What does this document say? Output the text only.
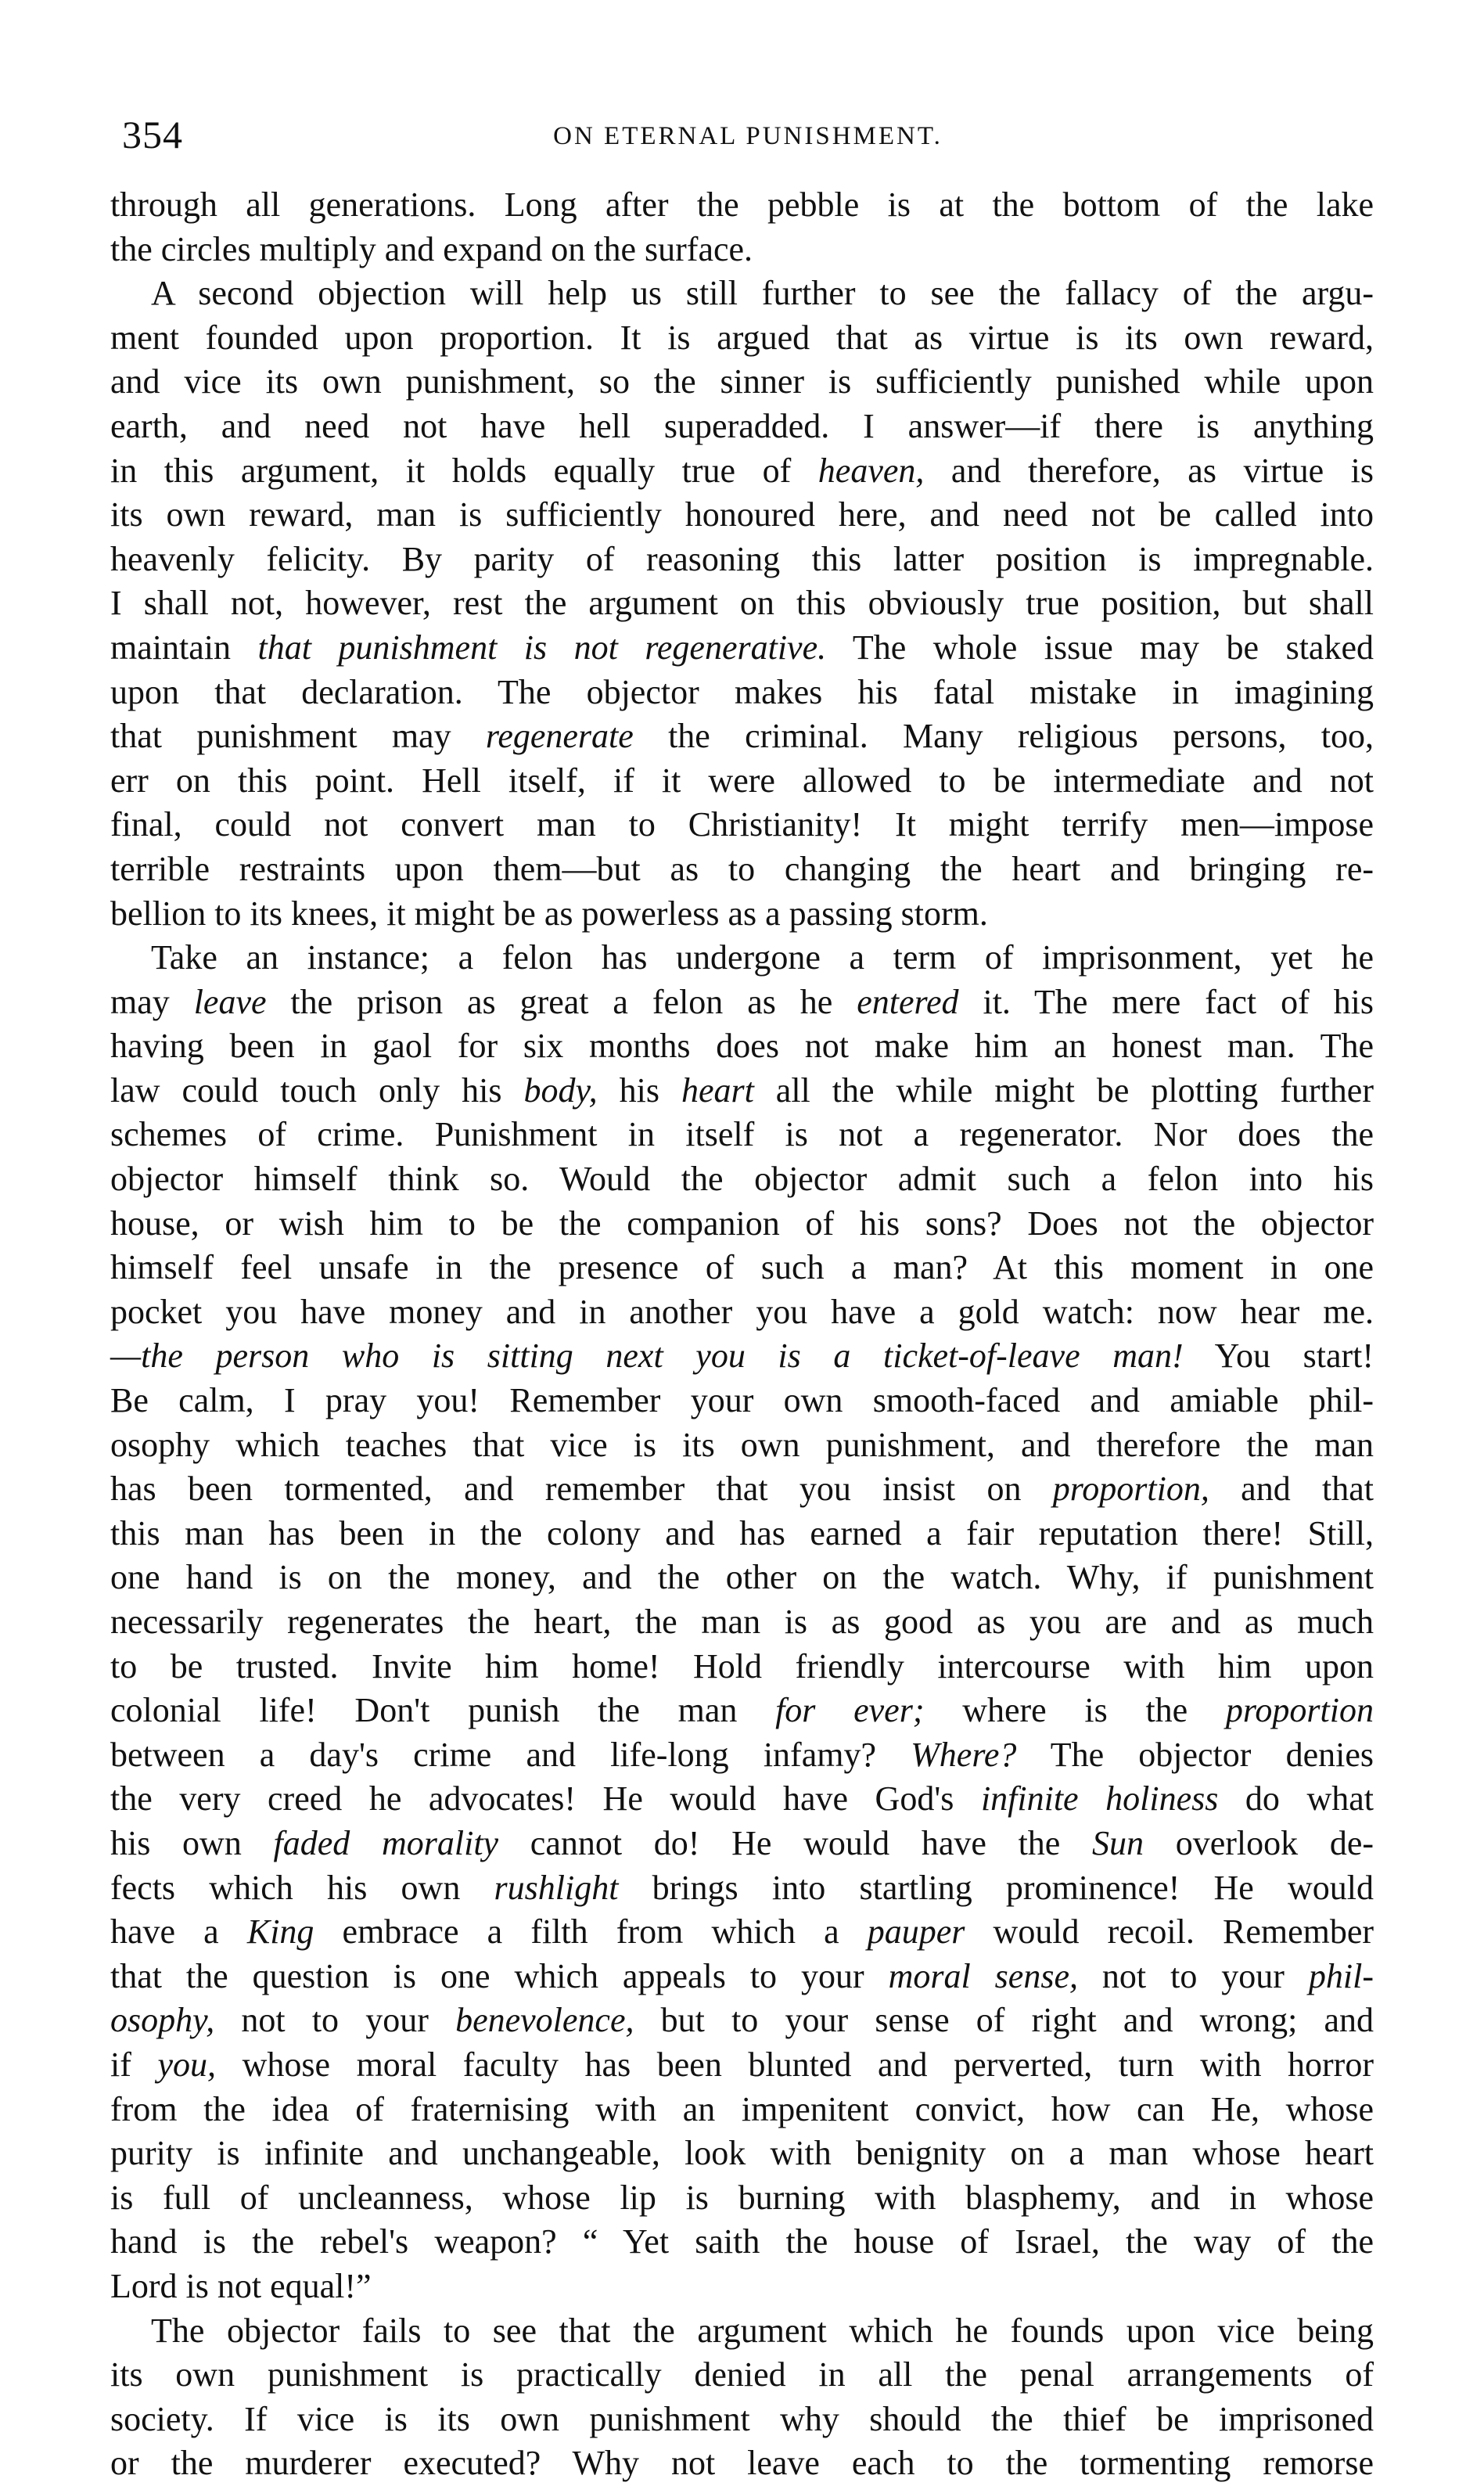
354	ON ETERNAL PUNISHMENT.
through all generations. Long after the pebble is at the bottom of the lake
the circles multiply and expand on the surface.
A second objection will help us still further to see the fallacy of the argu-
ment founded upon proportion. It is argued that as virtue is its own reward,
and vice its own punishment, so the sinner is sufficiently punished while upon
earth, and need not have hell superadded. I answer—if there is anything
in this argument, it holds equally true of heaven, and therefore, as virtue is
its own reward, man is sufficiently honoured here, and need not be called into
heavenly felicity. By parity of reasoning this latter position is impregnable.
I shall not, however, rest the argument on this obviously true position, but shall
maintain that punishment is not regenerative. The whole issue may be staked
upon that declaration. The objector makes his fatal mistake in imagining
that punishment may regenerate the criminal. Many religious persons, too,
err on this point. Hell itself, if it were allowed to be intermediate and not
final, could not convert man to Christianity! It might terrify men—impose
terrible restraints upon them—but as to changing the heart and bringing re-
bellion to its knees, it might be as powerless as a passing storm.
Take an instance; a felon has undergone a term of imprisonment, yet he
may leave the prison as great a felon as he entered it. The mere fact of his
having been in gaol for six months does not make him an honest man. The
law could touch only his body, his heart all the while might be plotting further
schemes of crime. Punishment in itself is not a regenerator. Nor does the
objector himself think so. Would the objector admit such a felon into his
house, or wish him to be the companion of his sons? Does not the objector
himself feel unsafe in the presence of such a man? At this moment in one
pocket you have money and in another you have a gold watch: now hear me.
—the person who is sitting next you is a ticket-of-leave man! You start!
Be calm, I pray you! Remember your own smooth-faced and amiable phil-
osophy which teaches that vice is its own punishment, and therefore the man
has been tormented, and remember that you insist on proportion, and that
this man has been in the colony and has earned a fair reputation there! Still,
one hand is on the money, and the other on the watch. Why, if punishment
necessarily regenerates the heart, the man is as good as you are and as much
to be trusted. Invite him home! Hold friendly intercourse with him upon
colonial life! Don't punish the man for ever; where is the proportion
between a day's crime and life-long infamy? Where? The objector denies
the very creed he advocates! He would have God's infinite holiness do what
his own faded morality cannot do! He would have the Sun overlook de-
fects which his own rushlight brings into startling prominence! He would
have a King embrace a filth from which a pauper would recoil. Remember
that the question is one which appeals to your moral sense, not to your phil-
osophy, not to your benevolence, but to your sense of right and wrong; and
if you, whose moral faculty has been blunted and perverted, turn with horror
from the idea of fraternising with an impenitent convict, how can He, whose
purity is infinite and unchangeable, look with benignity on a man whose heart
is full of uncleanness, whose lip is burning with blasphemy, and in whose
hand is the rebel's weapon? “ Yet saith the house of Israel, the way of the
Lord is not equal!”
The objector fails to see that the argument which he founds upon vice being
its own punishment is practically denied in all the penal arrangements of
society. If vice is its own punishment why should the thief be imprisoned
or the murderer executed? Why not leave each to the tormenting remorse
